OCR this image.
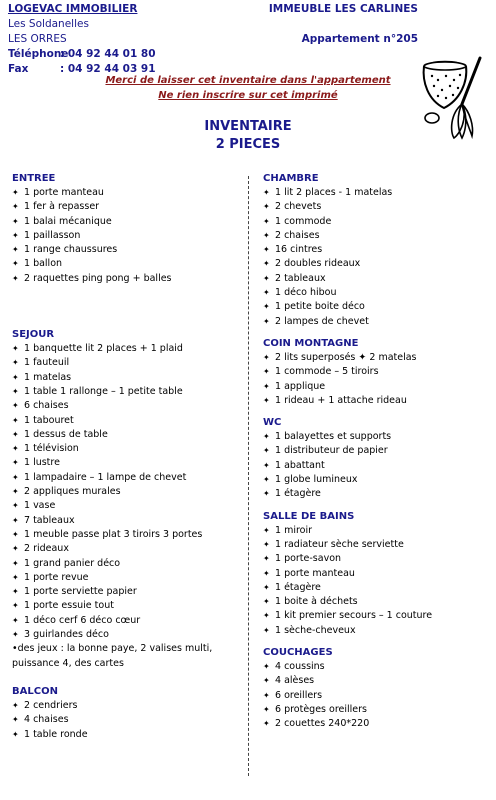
LOGEVAC IMMOBILIER
Les Soldanelles
LES ORRES
Téléphone: 04 92 44 01 80
Fax	: 04 92 44 03 91
IMMEUBLE LES CARLINES

Appartement n°205
Merci de laisser cet inventaire dans l'appartement
Ne rien inscrire sur cet imprimé
INVENTAIRE
2 PIECES
ENTREE
✦ 1 porte manteau
✦ 1 fer à repasser
✦ 1 balai mécanique
✦ 1 paillasson
✦ 1 range chaussures
✦ 1 ballon
✦ 2 raquettes ping pong + balles
SEJOUR
✦ 1 banquette lit 2 places + 1 plaid
✦ 1 fauteuil
✦ 1 matelas
✦ 1 table 1 rallonge – 1 petite table
✦ 6 chaises
✦ 1 tabouret
✦ 1 dessus de table
✦ 1 télévision
✦ 1 lustre
✦ 1 lampadaire – 1 lampe de chevet
✦ 2 appliques murales
✦ 1 vase
✦ 7 tableaux
✦ 1 meuble passe plat 3 tiroirs 3 portes
✦ 2 rideaux
✦ 1 grand panier déco
✦ 1 porte revue
✦ 1 porte serviette papier
✦ 1 porte essuie tout
✦ 1 déco cerf 6 déco cœur
✦ 3 guirlandes déco
•des jeux : la bonne paye, 2 valises multi, puissance 4, des cartes
BALCON
✦ 2 cendriers
✦ 4 chaises
✦ 1 table ronde
CHAMBRE
✦ 1 lit 2 places - 1 matelas
✦ 2 chevets
✦ 1 commode
✦ 2 chaises
✦ 16 cintres
✦ 2 doubles rideaux
✦ 2 tableaux
✦ 1 déco hibou
✦ 1 petite boite déco
✦ 2 lampes de chevet
COIN MONTAGNE
✦ 2 lits superposés ✦ 2 matelas
✦ 1 commode – 5 tiroirs
✦ 1 applique
✦ 1 rideau + 1 attache rideau
WC
✦ 1 balayettes et supports
✦ 1 distributeur de papier
✦ 1 abattant
✦ 1 globe lumineux
✦ 1 étagère
SALLE DE BAINS
✦ 1 miroir
✦ 1 radiateur sèche serviette
✦ 1 porte-savon
✦ 1 porte manteau
✦ 1 étagère
✦ 1 boite à déchets
✦ 1 kit premier secours – 1 couture
✦ 1 sèche-cheveux
COUCHAGES
✦ 4 coussins
✦ 4 alèses
✦ 6 oreillers
✦ 6 protèges oreillers
✦ 2 couettes 240*220
